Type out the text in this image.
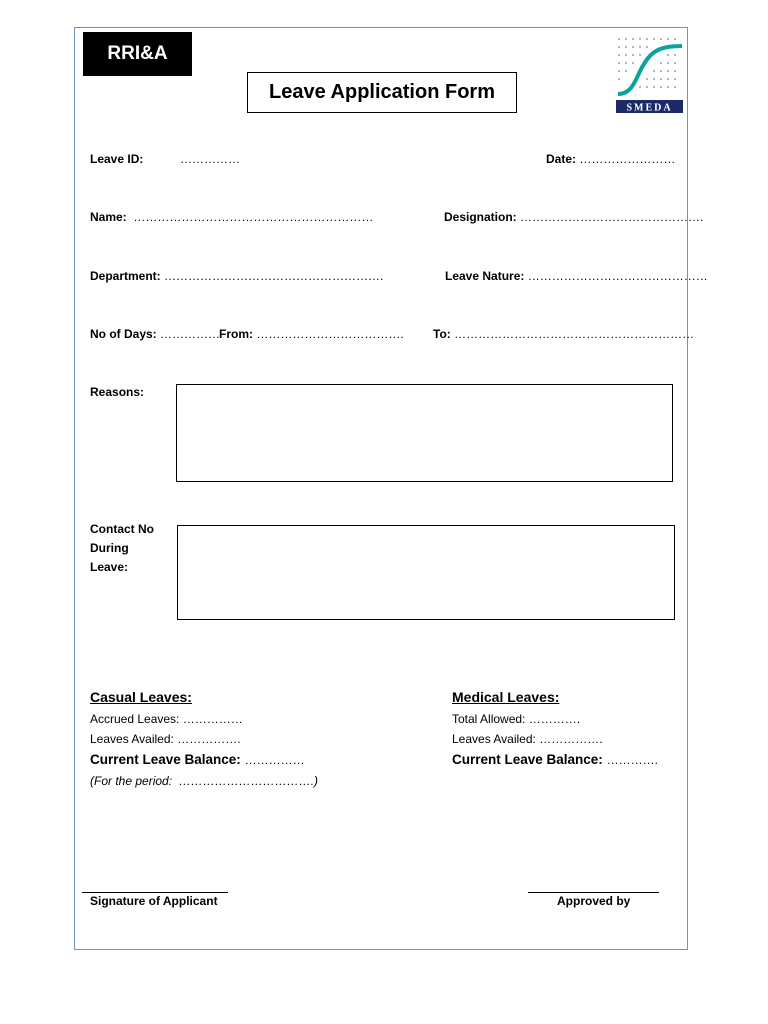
RRI&A
Leave Application Form
SMEDA
Leave ID:	……………	Date: ……………………
Name: ……………………………………………………	Designation: ……………………………………….
Department: ……………………………………………….	Leave Nature: ………………………………………
No of Days: ……………
From: ………………………………. To: ……………………………………………………
Reasons:
Contact No
During
Leave:
Casual Leaves:
Accrued Leaves: ……………
Leaves Availed: …………….
Current Leave Balance: ……………
(For the period: …………………………….)
Medical Leaves:
Total Allowed: ………….
Leaves Availed: …………….
Current Leave Balance: ………….
Signature of Applicant	Approved by
